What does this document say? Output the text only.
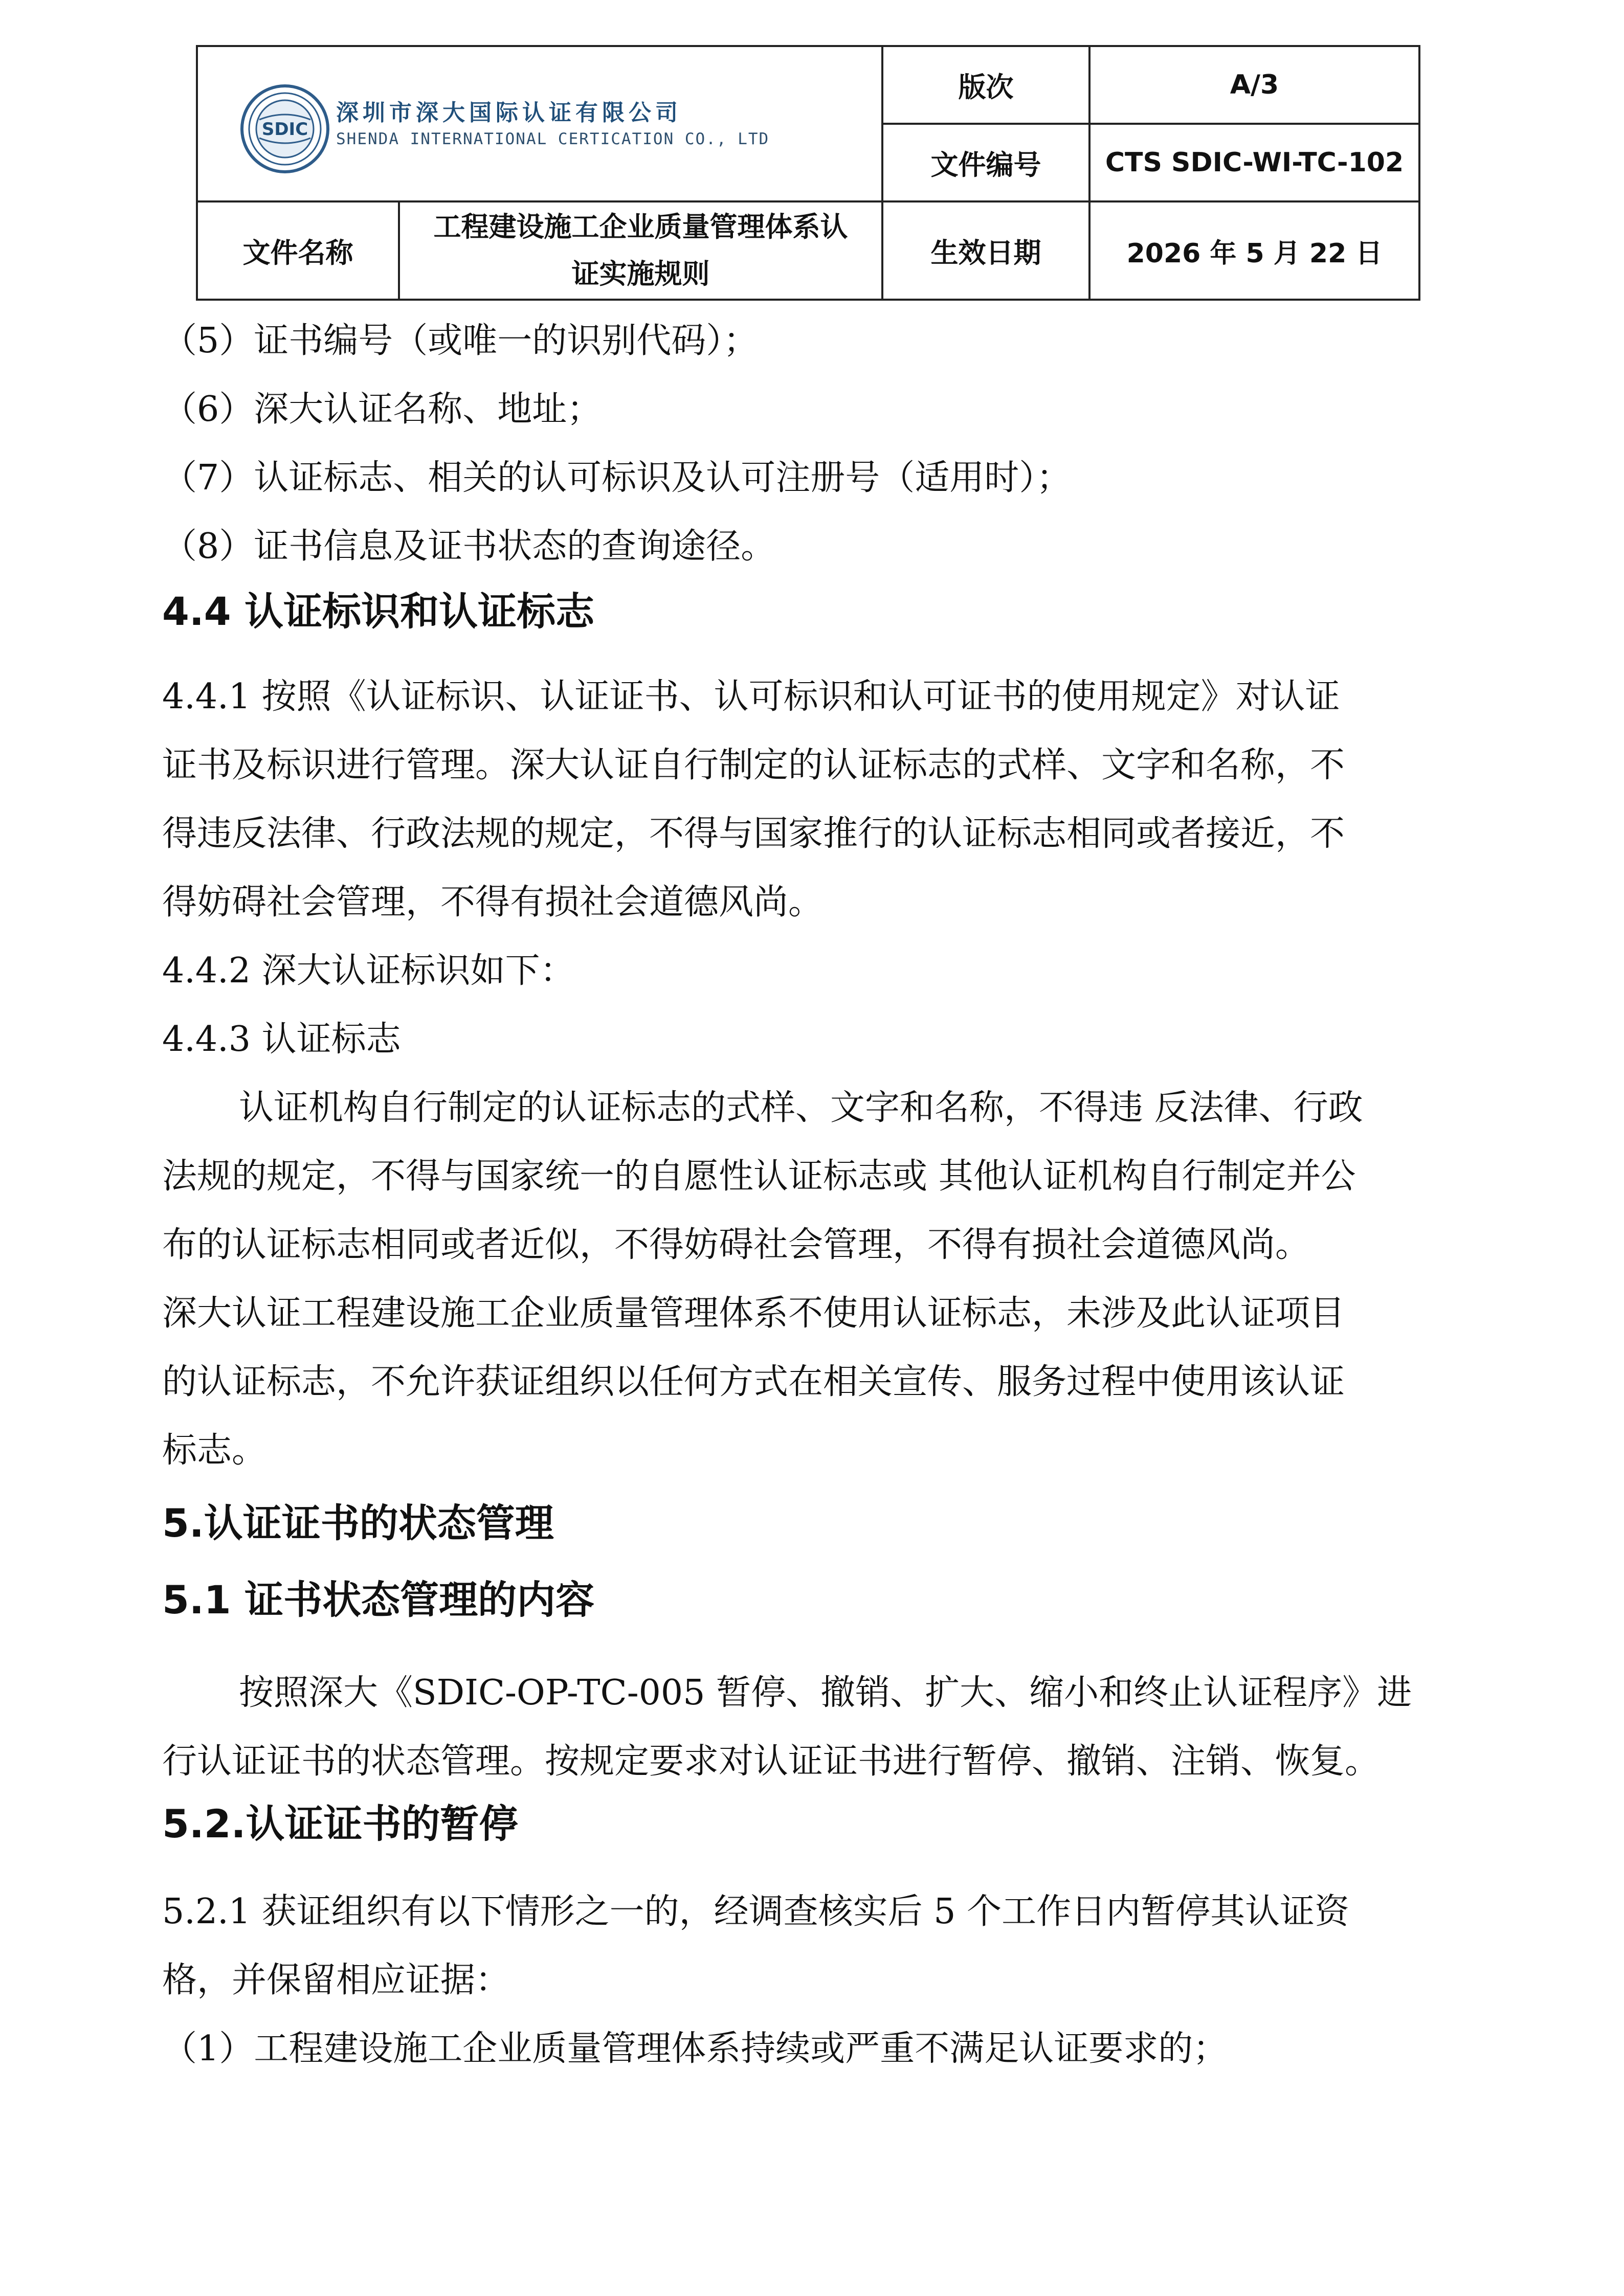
SDIC
深圳市深大国际认证有限公司
SHENDA INTERNATIONAL CERTICATION CO., LTD		版次	A/3
		文件编号	CTS SDIC-WI-TC-102
文件名称	工程建设施工企业质量管理体系认证实施规则	生效日期	2026 年 5 月 22 日

（5）证书编号（或唯一的识别代码）；

（6）深大认证名称、地址；

（7）认证标志、相关的认可标识及认可注册号（适用时）；

（8）证书信息及证书状态的查询途径。

4.4 认证标识和认证标志

4.4.1 按照《认证标识、认证证书、认可标识和认可证书的使用规定》对认证

证书及标识进行管理。深大认证自行制定的认证标志的式样、文字和名称，不

得违反法律、行政法规的规定，不得与国家推行的认证标志相同或者接近，不

得妨碍社会管理，不得有损社会道德风尚。

4.4.2 深大认证标识如下：

4.4.3 认证标志

认证机构自行制定的认证标志的式样、文字和名称，不得违 反法律、行政

法规的规定，不得与国家统一的自愿性认证标志或 其他认证机构自行制定并公

布的认证标志相同或者近似，不得妨碍社会管理，不得有损社会道德风尚。

深大认证工程建设施工企业质量管理体系不使用认证标志，未涉及此认证项目

的认证标志，不允许获证组织以任何方式在相关宣传、服务过程中使用该认证

标志。

5.认证证书的状态管理

5.1 证书状态管理的内容

按照深大《SDIC-OP-TC-005 暂停、撤销、扩大、缩小和终止认证程序》进

行认证证书的状态管理。按规定要求对认证证书进行暂停、撤销、注销、恢复。

5.2.认证证书的暂停

5.2.1 获证组织有以下情形之一的，经调查核实后 5 个工作日内暂停其认证资

格，并保留相应证据：

（1）工程建设施工企业质量管理体系持续或严重不满足认证要求的；
